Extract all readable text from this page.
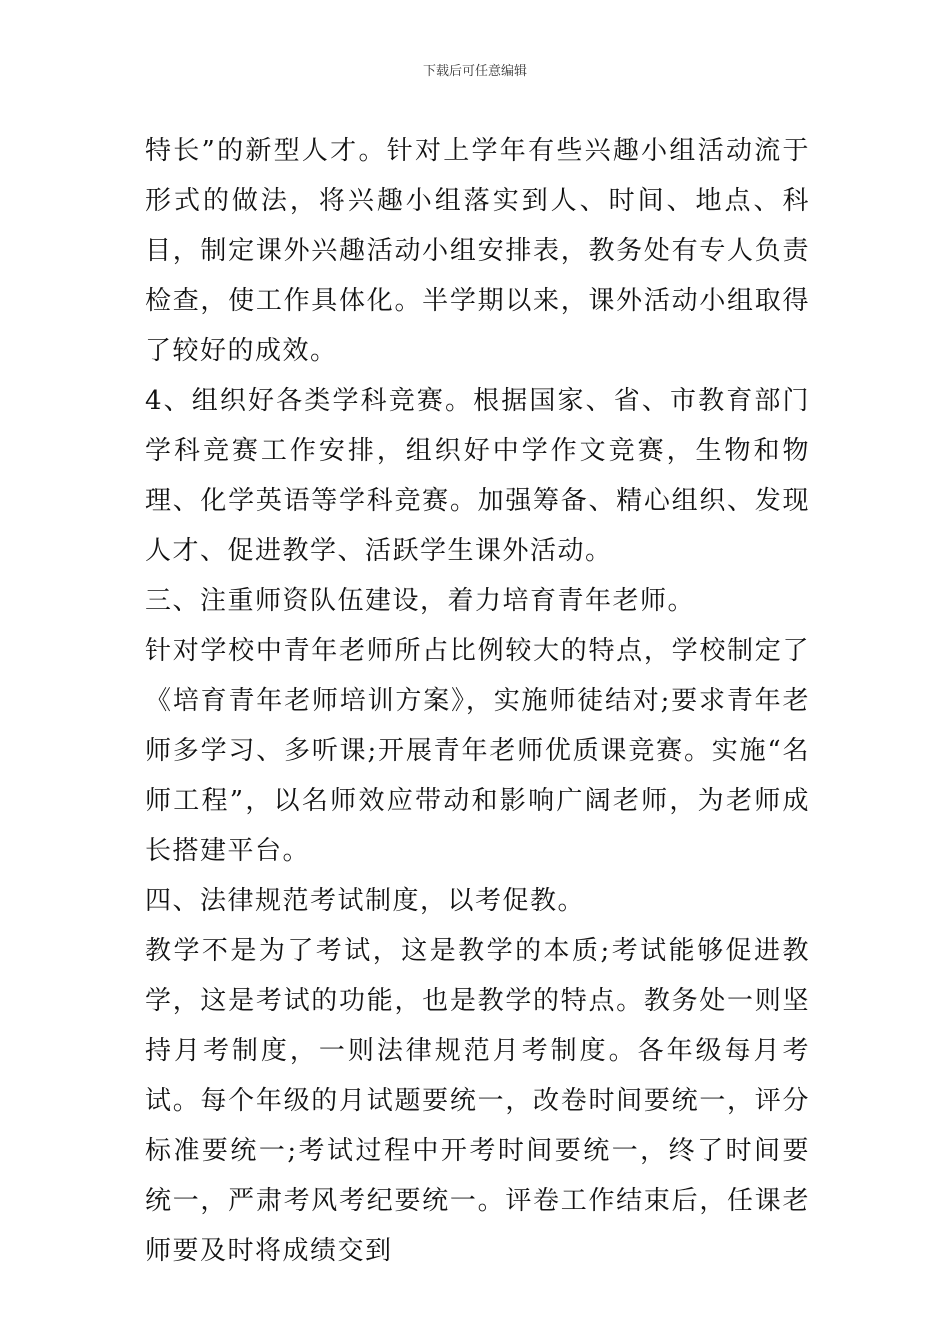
下载后可任意编辑

特长”的新型人才。针对上学年有些兴趣小组活动流于形式的做法，将兴趣小组落实到人、时间、地点、科目，制定课外兴趣活动小组安排表，教务处有专人负责检查，使工作具体化。半学期以来，课外活动小组取得了较好的成效。

4、组织好各类学科竞赛。根据国家、省、市教育部门学科竞赛工作安排，组织好中学作文竞赛，生物和物理、化学英语等学科竞赛。加强筹备、精心组织、发现人才、促进教学、活跃学生课外活动。

三、注重师资队伍建设，着力培育青年老师。

针对学校中青年老师所占比例较大的特点，学校制定了《培育青年老师培训方案》，实施师徒结对;要求青年老师多学习、多听课;开展青年老师优质课竞赛。实施“名师工程”，以名师效应带动和影响广阔老师，为老师成长搭建平台。

四、法律规范考试制度，以考促教。

教学不是为了考试，这是教学的本质;考试能够促进教学，这是考试的功能，也是教学的特点。教务处一则坚持月考制度，一则法律规范月考制度。各年级每月考试。每个年级的月试题要统一，改卷时间要统一，评分标准要统一;考试过程中开考时间要统一，终了时间要统一，严肃考风考纪要统一。评卷工作结束后，任课老师要及时将成绩交到
